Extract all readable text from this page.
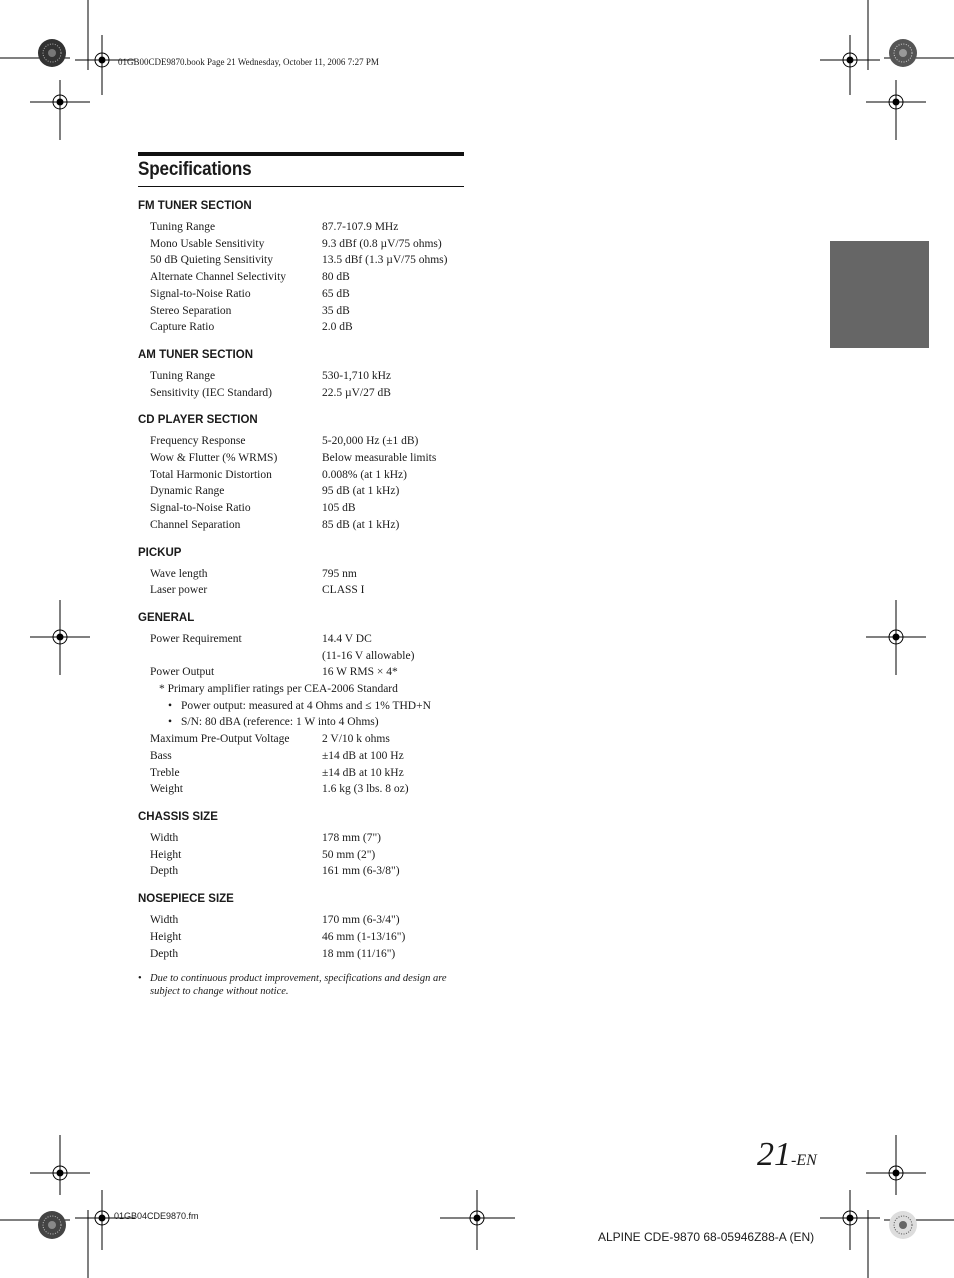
01GB00CDE9870.book Page 21 Wednesday, October 11, 2006 7:27 PM
Specifications
FM TUNER SECTION
Tuning Range	87.7-107.9 MHz
Mono Usable Sensitivity	9.3 dBf (0.8 µV/75 ohms)
50 dB Quieting Sensitivity	13.5 dBf (1.3 µV/75 ohms)
Alternate Channel Selectivity	80 dB
Signal-to-Noise Ratio	65 dB
Stereo Separation	35 dB
Capture Ratio	2.0 dB
AM TUNER SECTION
Tuning Range	530-1,710 kHz
Sensitivity (IEC Standard)	22.5 µV/27 dB
CD PLAYER SECTION
Frequency Response	5-20,000 Hz (±1 dB)
Wow & Flutter (% WRMS)	Below measurable limits
Total Harmonic Distortion	0.008% (at 1 kHz)
Dynamic Range	95 dB (at 1 kHz)
Signal-to-Noise Ratio	105 dB
Channel Separation	85 dB (at 1 kHz)
PICKUP
Wave length	795 nm
Laser power	CLASS I
GENERAL
Power Requirement	14.4 V DC
(11-16 V allowable)
Power Output	16 W RMS × 4*
* Primary amplifier ratings per CEA-2006 Standard
• Power output: measured at 4 Ohms and ≤ 1% THD+N
• S/N: 80 dBA (reference: 1 W into 4 Ohms)
Maximum Pre-Output Voltage	2 V/10 k ohms
Bass	±14 dB at 100 Hz
Treble	±14 dB at 10 kHz
Weight	1.6 kg (3 lbs. 8 oz)
CHASSIS SIZE
Width	178 mm (7")
Height	50 mm (2")
Depth	161 mm (6-3/8")
NOSEPIECE SIZE
Width	170 mm (6-3/4")
Height	46 mm (1-13/16")
Depth	18 mm (11/16")
• Due to continuous product improvement, specifications and design are subject to change without notice.
21-EN
01GB04CDE9870.fm
ALPINE CDE-9870 68-05946Z88-A (EN)
